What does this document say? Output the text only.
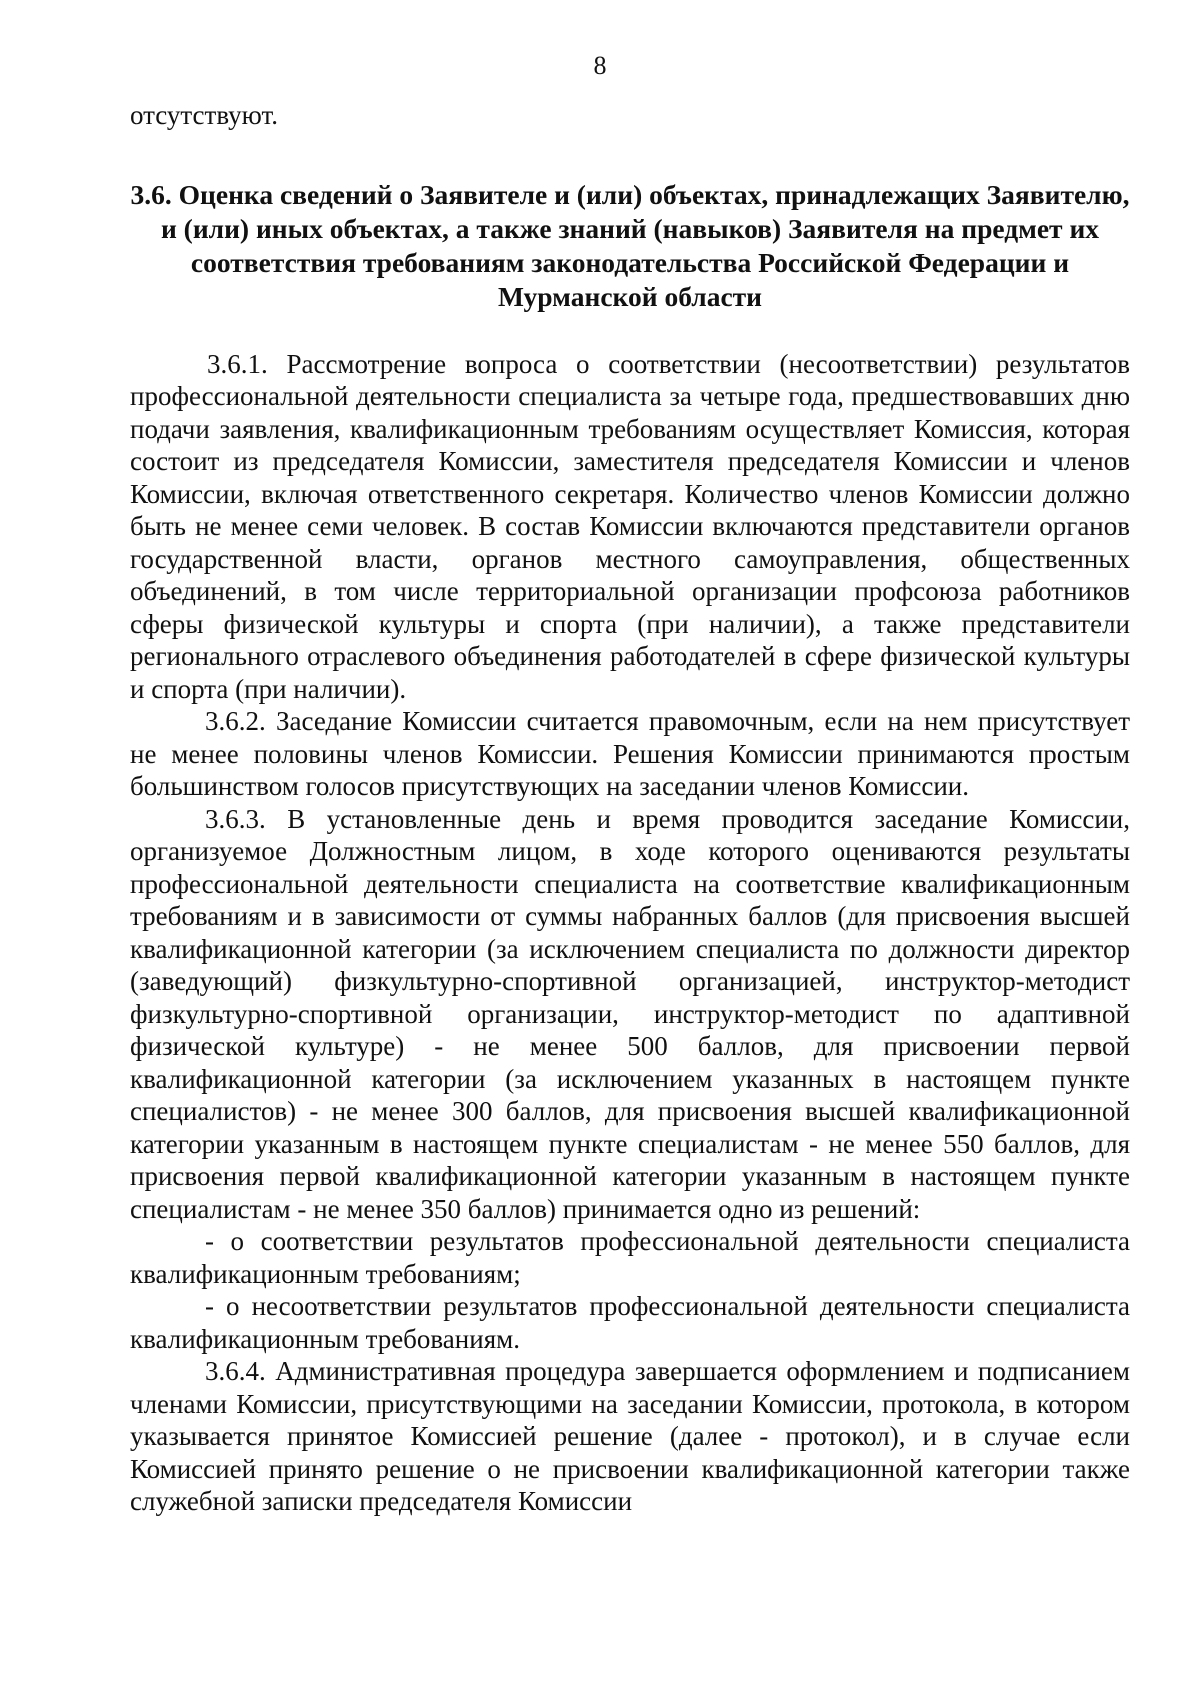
8

отсутствуют.

3.6. Оценка сведений о Заявителе и (или) объектах, принадлежащих Заявителю, и (или) иных объектах, а также знаний (навыков) Заявителя на предмет их соответствия требованиям законодательства Российской Федерации и Мурманской области

3.6.1. Рассмотрение вопроса о соответствии (несоответствии) результатов профессиональной деятельности специалиста за четыре года, предшествовавших дню подачи заявления, квалификационным требованиям осуществляет Комиссия, которая состоит из председателя Комиссии, заместителя председателя Комиссии и членов Комиссии, включая ответственного секретаря. Количество членов Комиссии должно быть не менее семи человек. В состав Комиссии включаются представители органов государственной власти, органов местного самоуправления, общественных объединений, в том числе территориальной организации профсоюза работников сферы физической культуры и спорта (при наличии), а также представители регионального отраслевого объединения работодателей в сфере физической культуры и спорта (при наличии).

3.6.2. Заседание Комиссии считается правомочным, если на нем присутствует не менее половины членов Комиссии. Решения Комиссии принимаются простым большинством голосов присутствующих на заседании членов Комиссии.

3.6.3. В установленные день и время проводится заседание Комиссии, организуемое Должностным лицом, в ходе которого оцениваются результаты профессиональной деятельности специалиста на соответствие квалификационным требованиям и в зависимости от суммы набранных баллов (для присвоения высшей квалификационной категории (за исключением специалиста по должности директор (заведующий) физкультурно-спортивной организацией, инструктор-методист физкультурно-спортивной организации, инструктор-методист по адаптивной физической культуре) - не менее 500 баллов, для присвоении первой квалификационной категории (за исключением указанных в настоящем пункте специалистов) - не менее 300 баллов, для присвоения высшей квалификационной категории указанным в настоящем пункте специалистам - не менее 550 баллов, для присвоения первой квалификационной категории указанным в настоящем пункте специалистам - не менее 350 баллов) принимается одно из решений:

- о соответствии результатов профессиональной деятельности специалиста квалификационным требованиям;

- о несоответствии результатов профессиональной деятельности специалиста квалификационным требованиям.

3.6.4. Административная процедура завершается оформлением и подписанием членами Комиссии, присутствующими на заседании Комиссии, протокола, в котором указывается принятое Комиссией решение (далее - протокол), и в случае если Комиссией принято решение о не присвоении квалификационной категории также служебной записки председателя Комиссии
